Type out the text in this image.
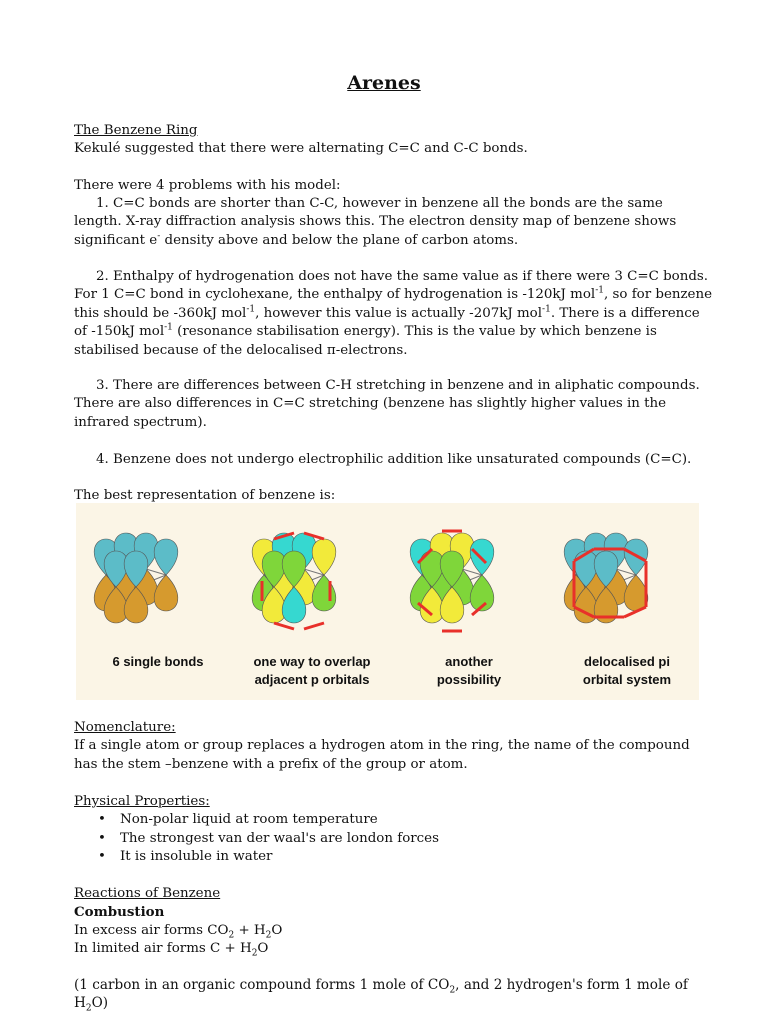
Arenes
The Benzene Ring
Kekulé suggested that there were alternating C=C and C-C bonds.
There were 4 problems with his model:
1. C=C bonds are shorter than C-C, however in benzene all the bonds are the same length. X-ray diffraction analysis shows this. The electron density map of benzene shows significant e- density above and below the plane of carbon atoms.
2. Enthalpy of hydrogenation does not have the same value as if there were 3 C=C bonds. For 1 C=C bond in cyclohexane, the enthalpy of hydrogenation is -120kJ mol$^{-1}$, so for benzene this should be -360kJ mol$^{-1}$, however this value is actually -207kJ mol$^{-1}$. There is a difference of -150kJ mol$^{-1}$ (resonance stabilisation energy). This is the value by which benzene is stabilised because of the delocalised π-electrons.
3. There are differences between C-H stretching in benzene and in aliphatic compounds. There are also differences in C=C stretching (benzene has slightly higher values in the infrared spectrum).
4. Benzene does not undergo electrophilic addition like unsaturated compounds (C=C).
The best representation of benzene is:
6 single bonds	one way to overlap
adjacent p orbitals
another
possibility
delocalised pi
orbital system
Nomenclature:
If a single atom or group replaces a hydrogen atom in the ring, the name of the compound has the stem –benzene with a prefix of the group or atom.
Physical Properties:
• Non-polar liquid at room temperature
• The strongest van der waal's are london forces
• It is insoluble in water
Reactions of Benzene
Combustion
In excess air forms $CO_2 + H_2O$
In limited air forms $C + H_2O$
(1 carbon in an organic compound forms 1 mole of $CO_2$, and 2 hydrogen's form 1 mole of $H_2O$)
